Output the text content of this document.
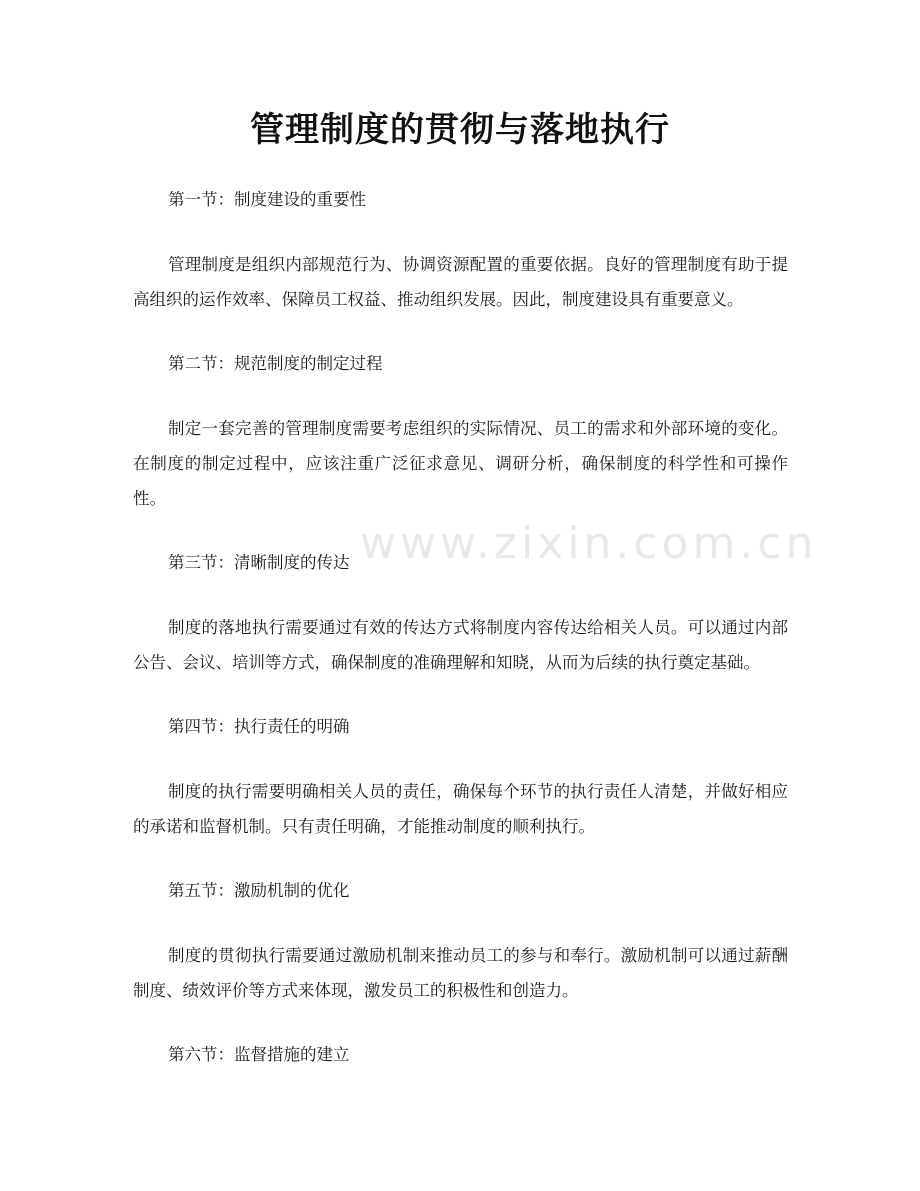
管理制度的贯彻与落地执行
www.zixin.com.cn
第一节：制度建设的重要性
管理制度是组织内部规范行为、协调资源配置的重要依据。良好的管理制度有助于提高组织的运作效率、保障员工权益、推动组织发展。因此，制度建设具有重要意义。
第二节：规范制度的制定过程
制定一套完善的管理制度需要考虑组织的实际情况、员工的需求和外部环境的变化。在制度的制定过程中，应该注重广泛征求意见、调研分析，确保制度的科学性和可操作性。
第三节：清晰制度的传达
制度的落地执行需要通过有效的传达方式将制度内容传达给相关人员。可以通过内部公告、会议、培训等方式，确保制度的准确理解和知晓，从而为后续的执行奠定基础。
第四节：执行责任的明确
制度的执行需要明确相关人员的责任，确保每个环节的执行责任人清楚，并做好相应的承诺和监督机制。只有责任明确，才能推动制度的顺利执行。
第五节：激励机制的优化
制度的贯彻执行需要通过激励机制来推动员工的参与和奉行。激励机制可以通过薪酬制度、绩效评价等方式来体现，激发员工的积极性和创造力。
第六节：监督措施的建立
